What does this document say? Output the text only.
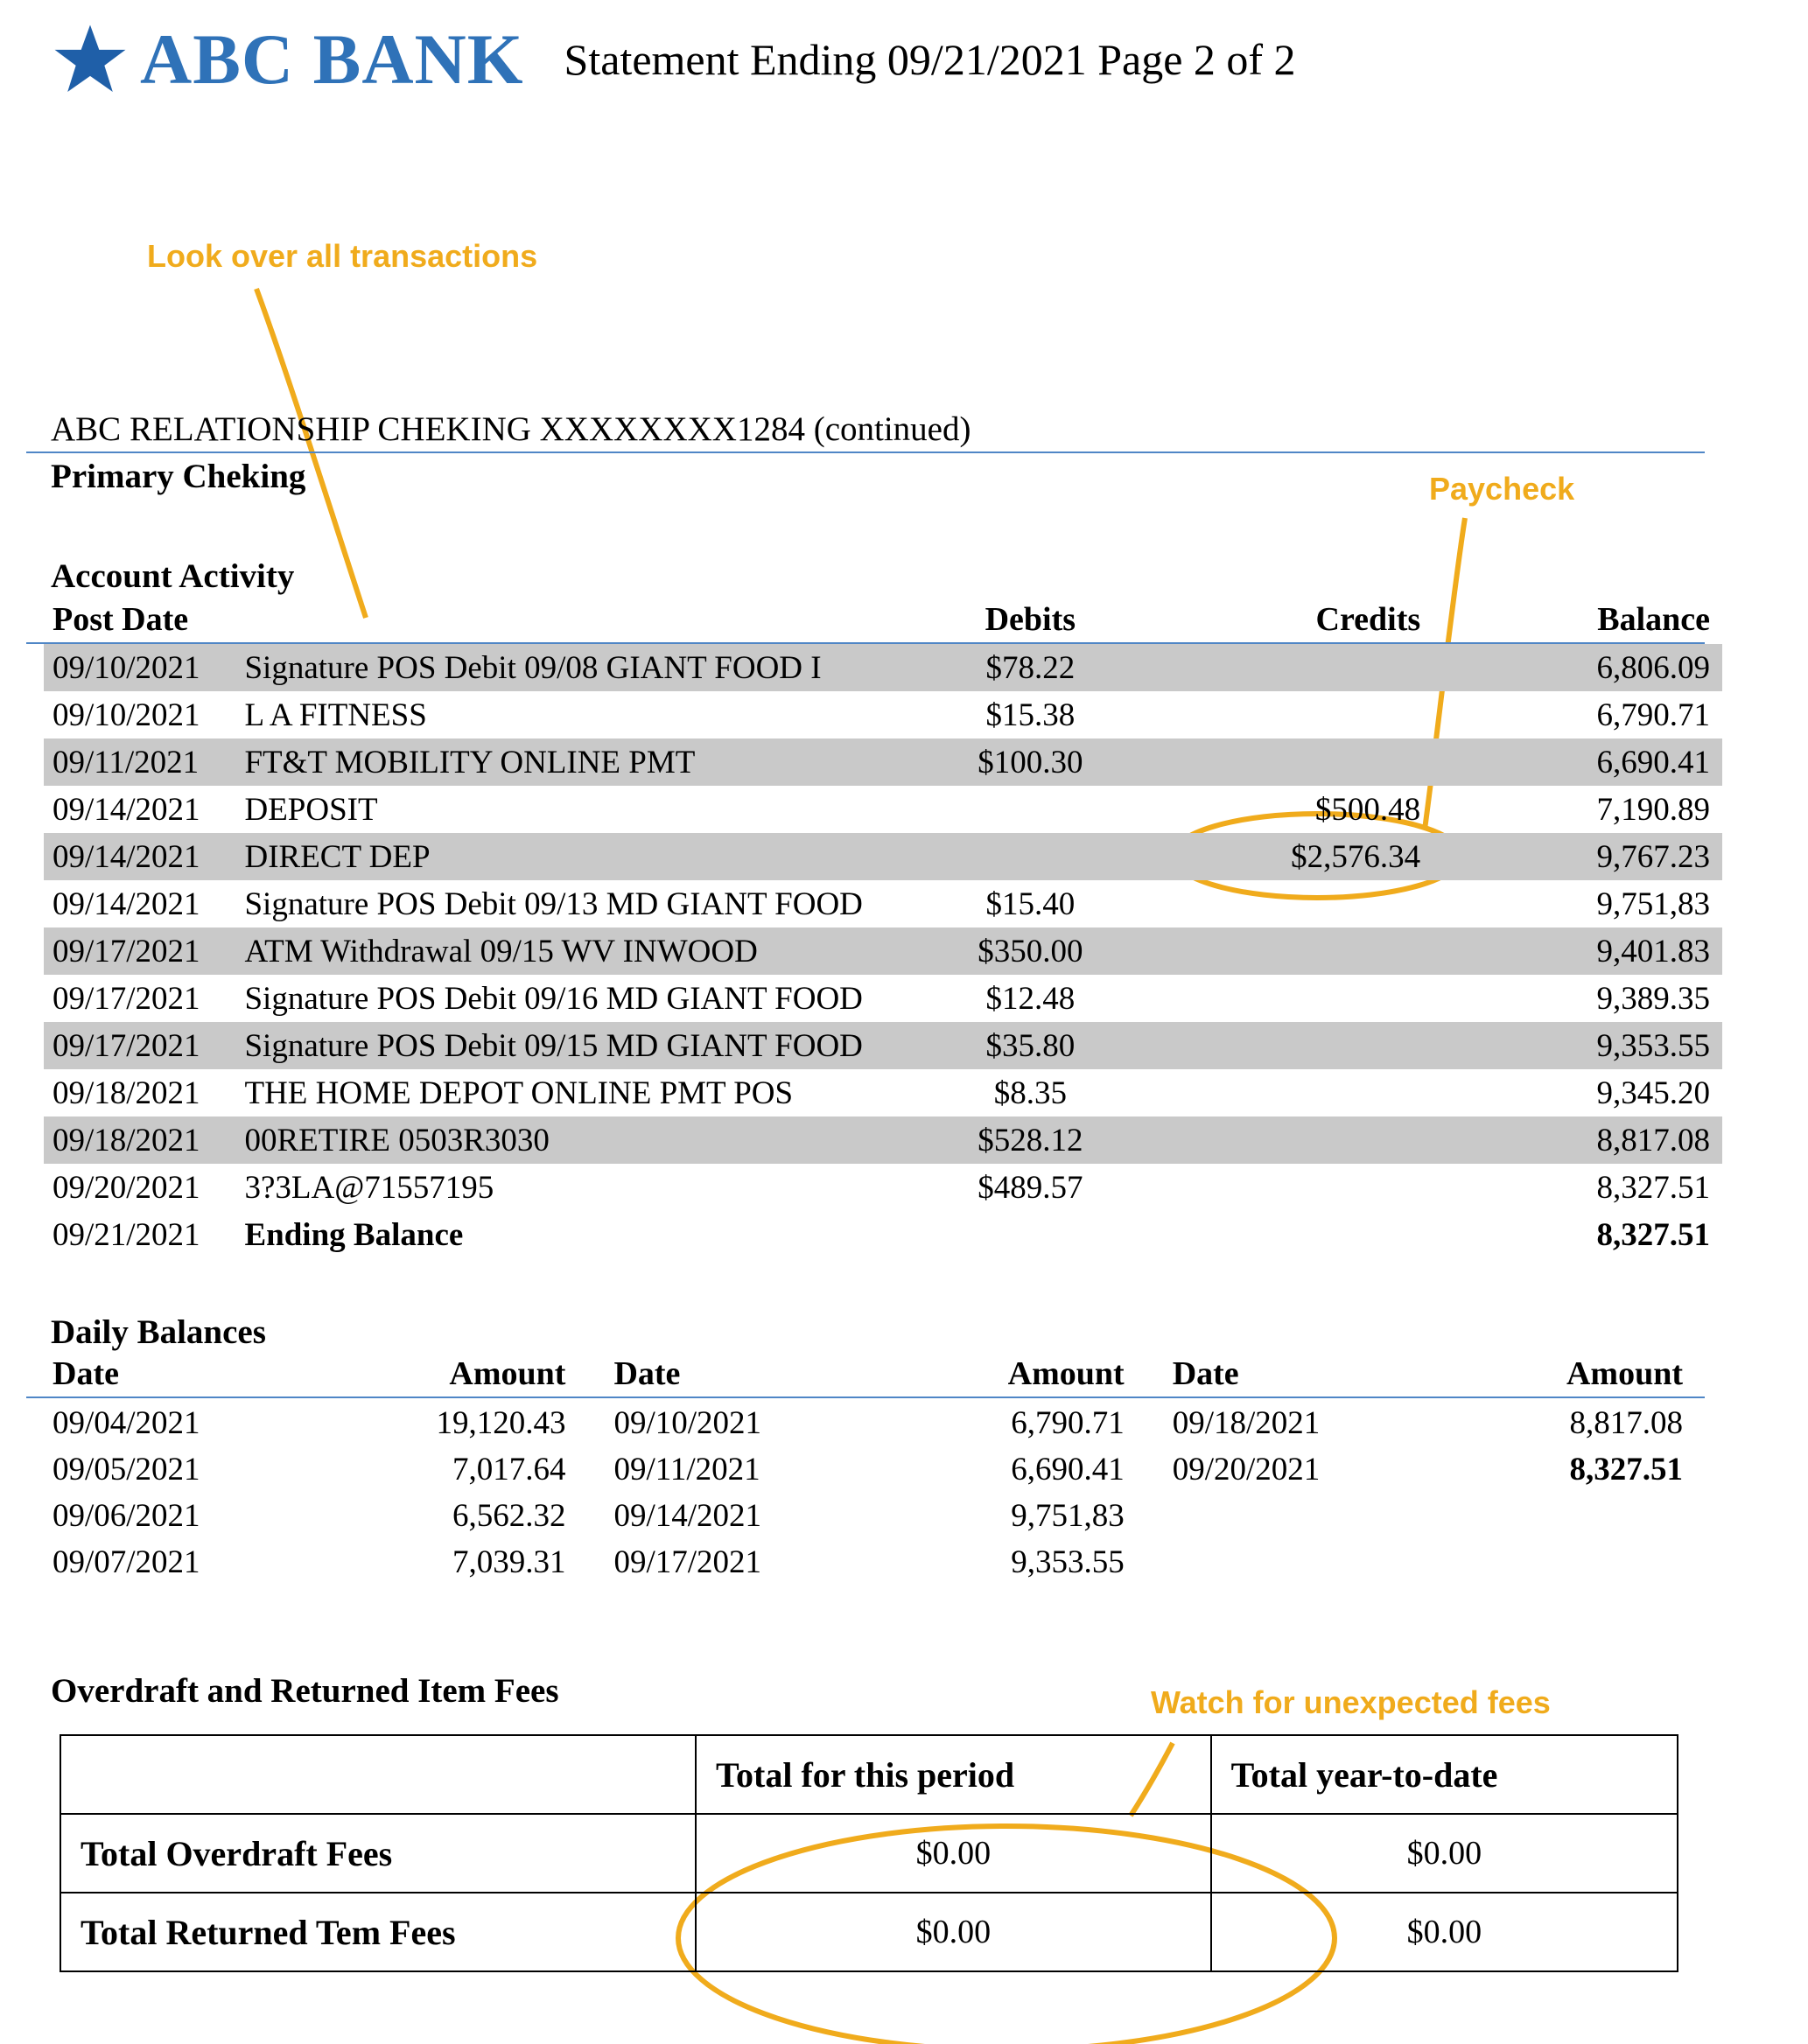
ABC BANK Statement Ending 09/21/2021 Page 2 of 2
Look over all transactions
Paycheck
Watch for unexpected fees
ABC RELATIONSHIP CHEKING XXXXXXXX1284 (continued)
Primary Cheking
Account Activity
Post Date		Debits	Credits	Balance
09/10/2021	Signature POS Debit 09/08 GIANT FOOD I	$78.22		6,806.09
09/10/2021	L A FITNESS	$15.38		6,790.71
09/11/2021	FT&T MOBILITY ONLINE PMT	$100.30		6,690.41
09/14/2021	DEPOSIT		$500.48	7,190.89
09/14/2021	DIRECT DEP		$2,576.34	9,767.23
09/14/2021	Signature POS Debit 09/13 MD GIANT FOOD	$15.40		9,751,83
09/17/2021	ATM Withdrawal 09/15 WV INWOOD	$350.00		9,401.83
09/17/2021	Signature POS Debit 09/16 MD GIANT FOOD	$12.48		9,389.35
09/17/2021	Signature POS Debit 09/15 MD GIANT FOOD	$35.80		9,353.55
09/18/2021	THE HOME DEPOT ONLINE PMT POS	$8.35		9,345.20
09/18/2021	00RETIRE 0503R3030	$528.12		8,817.08
09/20/2021	3?3LA@71557195	$489.57		8,327.51
09/21/2021	Ending Balance			8,327.51
Daily Balances
Date	Amount	Date	Amount	Date	Amount
09/04/2021	19,120.43	09/10/2021	6,790.71	09/18/2021	8,817.08
09/05/2021	7,017.64	09/11/2021	6,690.41	09/20/2021	8,327.51
09/06/2021	6,562.32	09/14/2021	9,751,83		
09/07/2021	7,039.31	09/17/2021	9,353.55		
Overdraft and Returned Item Fees
	Total for this period	Total year-to-date
Total Overdraft Fees	$0.00	$0.00
Total Returned Tem Fees	$0.00	$0.00
